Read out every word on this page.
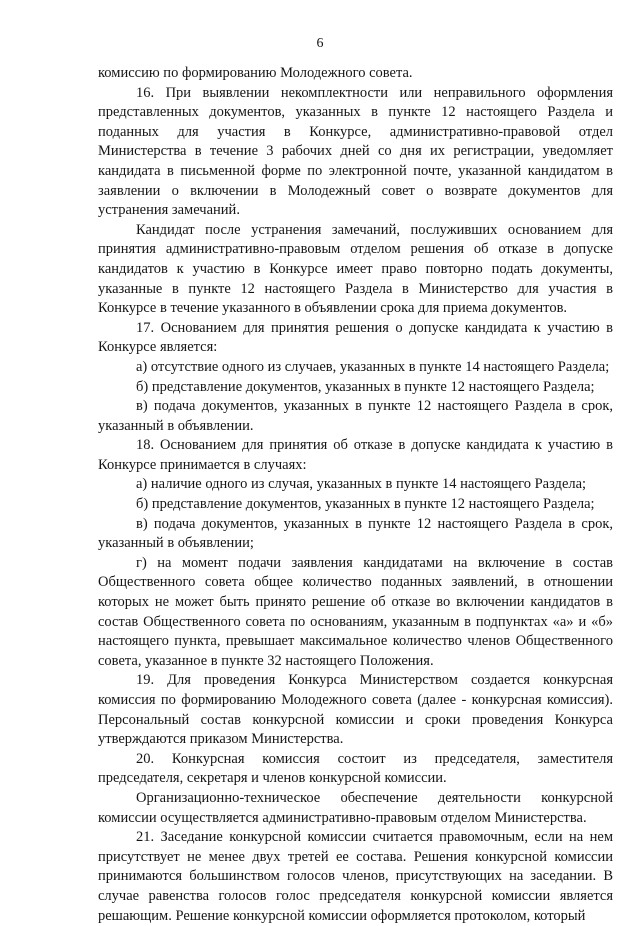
6

комиссию по формированию Молодежного совета.

16. При выявлении некомплектности или неправильного оформления представленных документов, указанных в пункте 12 настоящего Раздела и поданных для участия в Конкурсе, административно-правовой отдел Министерства в течение 3 рабочих дней со дня их регистрации, уведомляет кандидата в письменной форме по электронной почте, указанной кандидатом в заявлении о включении в Молодежный совет о возврате документов для устранения замечаний.

Кандидат после устранения замечаний, послуживших основанием для принятия административно-правовым отделом решения об отказе в допуске кандидатов к участию в Конкурсе имеет право повторно подать документы, указанные в пункте 12 настоящего Раздела в Министерство для участия в Конкурсе в течение указанного в объявлении срока для приема документов.

17. Основанием для принятия решения о допуске кандидата к участию в Конкурсе является:

а) отсутствие одного из случаев, указанных в пункте 14 настоящего Раздела;

б) представление документов, указанных в пункте 12 настоящего Раздела;

в) подача документов, указанных в пункте 12 настоящего Раздела в срок, указанный в объявлении.

18. Основанием для принятия об отказе в допуске кандидата к участию в Конкурсе принимается в случаях:

а) наличие одного из случая, указанных в пункте 14 настоящего Раздела;

б) представление документов, указанных в пункте 12 настоящего Раздела;

в) подача документов, указанных в пункте 12 настоящего Раздела в срок, указанный в объявлении;

г) на момент подачи заявления кандидатами на включение в состав Общественного совета общее количество поданных заявлений, в отношении которых не может быть принято решение об отказе во включении кандидатов в состав Общественного совета по основаниям, указанным в подпунктах «а» и «б» настоящего пункта, превышает максимальное количество членов Общественного совета, указанное в пункте 32 настоящего Положения.

19. Для проведения Конкурса Министерством создается конкурсная комиссия по формированию Молодежного совета (далее - конкурсная комиссия). Персональный состав конкурсной комиссии и сроки проведения Конкурса утверждаются приказом Министерства.

20. Конкурсная комиссия состоит из председателя, заместителя председателя, секретаря и членов конкурсной комиссии.

Организационно-техническое обеспечение деятельности конкурсной комиссии осуществляется административно-правовым отделом Министерства.

21. Заседание конкурсной комиссии считается правомочным, если на нем присутствует не менее двух третей ее состава. Решения конкурсной комиссии принимаются большинством голосов членов, присутствующих на заседании. В случае равенства голосов голос председателя конкурсной комиссии является решающим. Решение конкурсной комиссии оформляется протоколом, который
